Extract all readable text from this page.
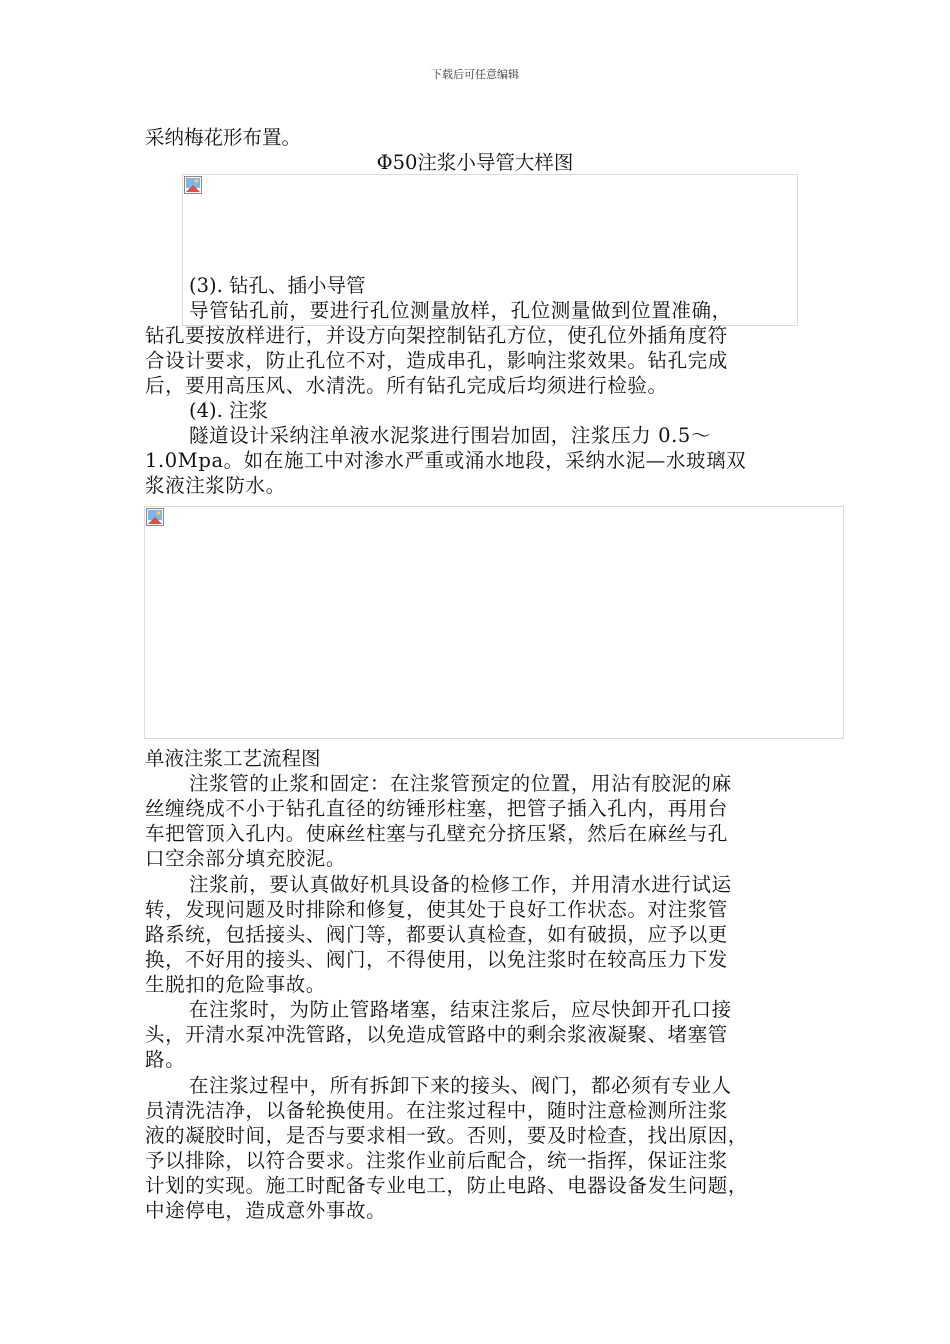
下载后可任意编辑
采纳梅花形布置。
Φ50注浆小导管大样图
(3). 钻孔、插小导管
导管钻孔前，要进行孔位测量放样，孔位测量做到位置准确，
钻孔要按放样进行，并设方向架控制钻孔方位，使孔位外插角度符
合设计要求，防止孔位不对，造成串孔，影响注浆效果。钻孔完成
后，要用高压风、水清洗。所有钻孔完成后均须进行检验。
(4). 注浆
隧道设计采纳注单液水泥浆进行围岩加固，注浆压力 0.5～
1.0Mpa。如在施工中对渗水严重或涌水地段，采纳水泥—水玻璃双
浆液注浆防水。
单液注浆工艺流程图
注浆管的止浆和固定：在注浆管预定的位置，用沾有胶泥的麻
丝缠绕成不小于钻孔直径的纺锤形柱塞，把管子插入孔内，再用台
车把管顶入孔内。使麻丝柱塞与孔壁充分挤压紧，然后在麻丝与孔
口空余部分填充胶泥。
注浆前，要认真做好机具设备的检修工作，并用清水进行试运
转，发现问题及时排除和修复，使其处于良好工作状态。对注浆管
路系统，包括接头、阀门等，都要认真检查，如有破损，应予以更
换，不好用的接头、阀门，不得使用，以免注浆时在较高压力下发
生脱扣的危险事故。
在注浆时，为防止管路堵塞，结束注浆后，应尽快卸开孔口接
头，开清水泵冲洗管路，以免造成管路中的剩余浆液凝聚、堵塞管
路。
在注浆过程中，所有拆卸下来的接头、阀门，都必须有专业人
员清洗洁净，以备轮换使用。在注浆过程中，随时注意检测所注浆
液的凝胶时间，是否与要求相一致。否则，要及时检查，找出原因，
予以排除，以符合要求。注浆作业前后配合，统一指挥，保证注浆
计划的实现。施工时配备专业电工，防止电路、电器设备发生问题，
中途停电，造成意外事故。
